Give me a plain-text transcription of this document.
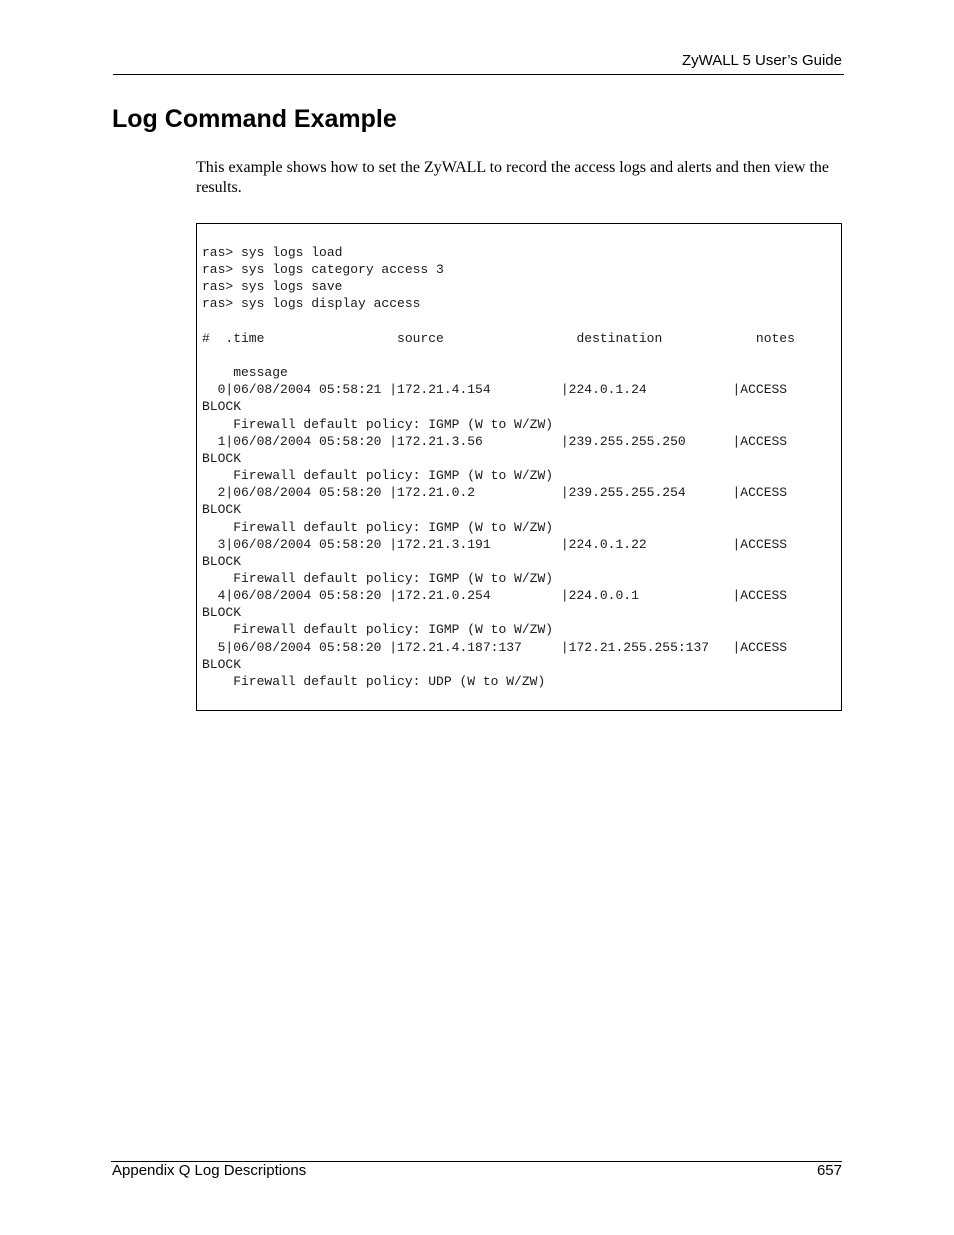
ZyWALL 5 User’s Guide
Log Command Example

This example shows how to set the ZyWALL to record the access logs and alerts and then view the results.

ras> sys logs load
ras> sys logs category access 3
ras> sys logs save
ras> sys logs display access

#  .time                 source                 destination            notes

message
0|06/08/2004 05:58:21 |172.21.4.154         |224.0.1.24           |ACCESS
BLOCK
Firewall default policy: IGMP (W to W/ZW)
1|06/08/2004 05:58:20 |172.21.3.56          |239.255.255.250      |ACCESS
BLOCK
Firewall default policy: IGMP (W to W/ZW)
2|06/08/2004 05:58:20 |172.21.0.2           |239.255.255.254      |ACCESS
BLOCK
Firewall default policy: IGMP (W to W/ZW)
3|06/08/2004 05:58:20 |172.21.3.191         |224.0.1.22           |ACCESS
BLOCK
Firewall default policy: IGMP (W to W/ZW)
4|06/08/2004 05:58:20 |172.21.0.254         |224.0.0.1            |ACCESS
BLOCK
Firewall default policy: IGMP (W to W/ZW)
5|06/08/2004 05:58:20 |172.21.4.187:137     |172.21.255.255:137   |ACCESS
BLOCK
Firewall default policy: UDP (W to W/ZW)
Appendix Q Log Descriptions	657
